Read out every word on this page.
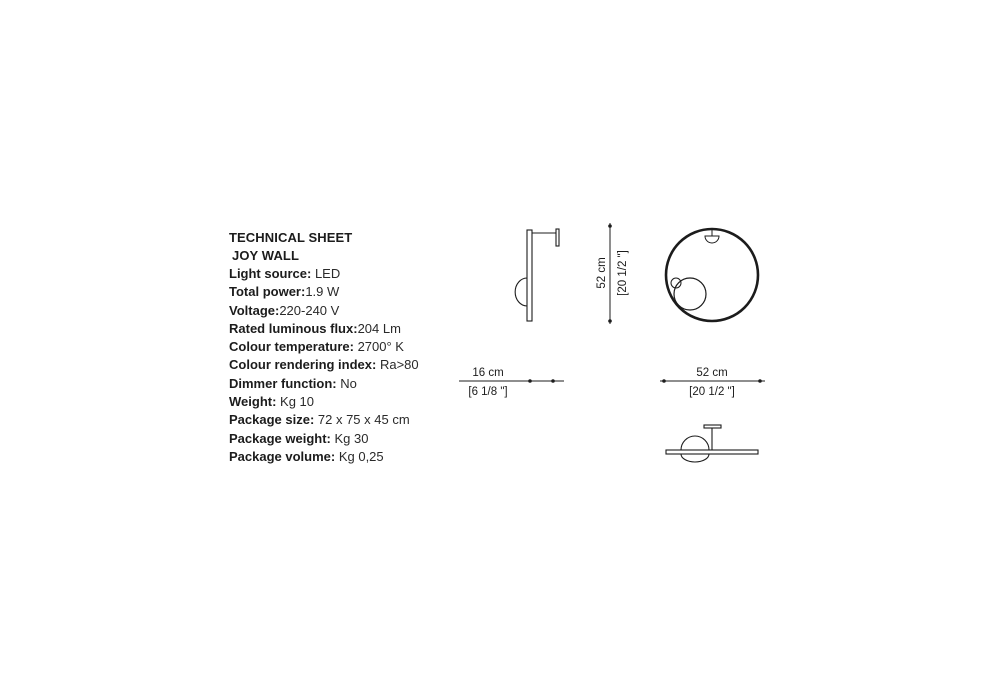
TECHNICAL SHEET
JOY WALL
Light source: LED
Total power:1.9 W
Voltage:220-240 V
Rated luminous flux:204 Lm
Colour temperature: 2700° K
Colour rendering index: Ra>80
Dimmer function: No
Weight: Kg 10
Package size: 72 x 75 x 45 cm
Package weight: Kg 30
Package volume: Kg 0,25
52 cm [20 1/2 "]
16 cm
[6 1/8 "]
52 cm
[20 1/2 "]
